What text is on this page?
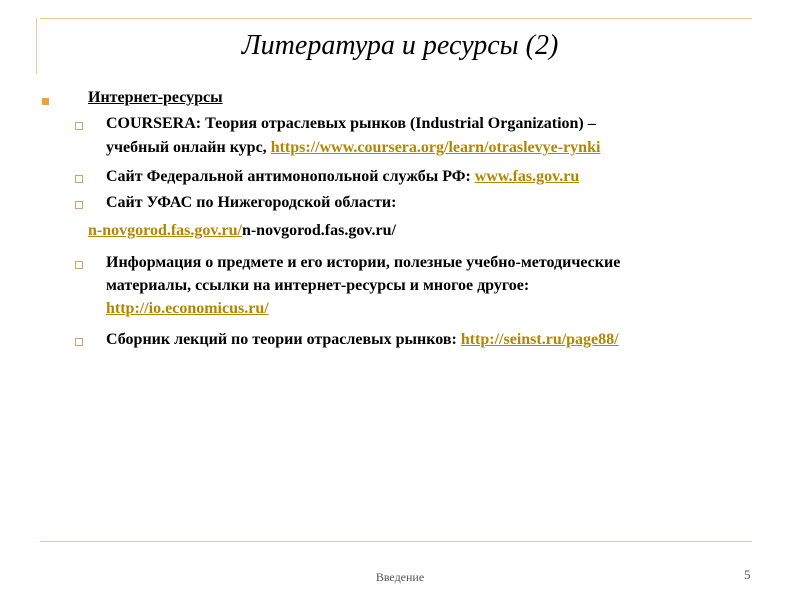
Литература и ресурсы (2)
Интернет-ресурсы
COURSERA: Теория отраслевых рынков (Industrial Organization) –
учебный онлайн курс, https://www.coursera.org/learn/otraslevye-rynki
Сайт Федеральной антимонопольной службы РФ: www.fas.gov.ru
Сайт УФАС по Нижегородской области:
n-novgorod.fas.gov.ru/n-novgorod.fas.gov.ru/
Информация о предмете и его истории, полезные учебно-методические
материалы, ссылки на интернет-ресурсы и многое другое:
http://io.economicus.ru/
Сборник лекций по теории отраслевых рынков: http://seinst.ru/page88/
Введение	5
